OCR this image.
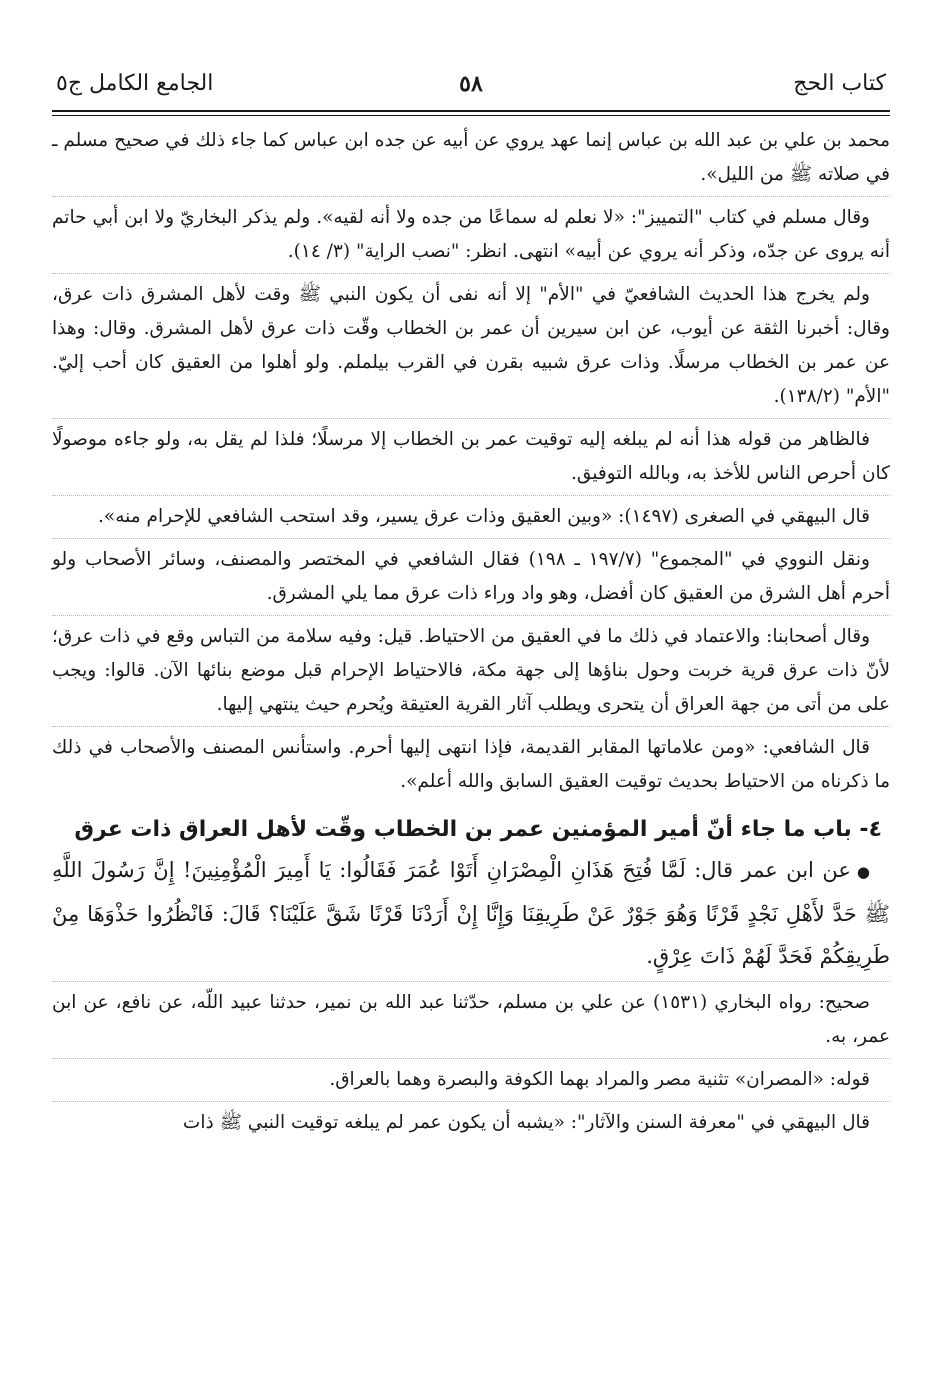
كتاب الحج
٥٨
الجامع الكامل ج٥

محمد بن علي بن عبد الله بن عباس إنما عهد يروي عن أبيه عن جده ابن عباس كما جاء ذلك في صحيح مسلم ـ في صلاته ﷺ من الليل».

وقال مسلم في كتاب "التمييز": «لا نعلم له سماعًا من جده ولا أنه لقيه». ولم يذكر البخاريّ ولا ابن أبي حاتم أنه يروى عن جدّه، وذكر أنه يروي عن أبيه» انتهى. انظر: "نصب الراية" (٣/ ١٤).

ولم يخرج هذا الحديث الشافعيّ في "الأم" إلا أنه نفى أن يكون النبي ﷺ وقت لأهل المشرق ذات عرق، وقال: أخبرنا الثقة عن أيوب، عن ابن سيرين أن عمر بن الخطاب وقّت ذات عرق لأهل المشرق. وقال: وهذا عن عمر بن الخطاب مرسلًا. وذات عرق شبيه بقرن في القرب بيلملم. ولو أهلوا من العقيق كان أحب إليّ. "الأم" (١٣٨/٢).

فالظاهر من قوله هذا أنه لم يبلغه إليه توقيت عمر بن الخطاب إلا مرسلًا؛ فلذا لم يقل به، ولو جاءه موصولًا كان أحرص الناس للأخذ به، وبالله التوفيق.

قال البيهقي في الصغرى (١٤٩٧): «وبين العقيق وذات عرق يسير، وقد استحب الشافعي للإحرام منه».

ونقل النووي في "المجموع" (١٩٧/٧ ـ ١٩٨) فقال الشافعي في المختصر والمصنف، وسائر الأصحاب ولو أحرم أهل الشرق من العقيق كان أفضل، وهو واد وراء ذات عرق مما يلي المشرق.

وقال أصحابنا: والاعتماد في ذلك ما في العقيق من الاحتياط. قيل: وفيه سلامة من التباس وقع في ذات عرق؛ لأنّ ذات عرق قرية خربت وحول بناؤها إلى جهة مكة، فالاحتياط الإحرام قبل موضع بنائها الآن. قالوا: ويجب على من أتى من جهة العراق أن يتحرى ويطلب آثار القرية العتيقة ويُحرم حيث ينتهي إليها.

قال الشافعي: «ومن علاماتها المقابر القديمة، فإذا انتهى إليها أحرم. واستأنس المصنف والأصحاب في ذلك ما ذكرناه من الاحتياط بحديث توقيت العقيق السابق والله أعلم».

٤- باب ما جاء أنّ أمير المؤمنين عمر بن الخطاب وقّت لأهل العراق ذات عرق

●عن ابن عمر قال: لَمَّا فُتِحَ هَذَانِ الْمِصْرَانِ أَتَوْا عُمَرَ فَقَالُوا: يَا أَمِيرَ الْمُؤْمِنِينَ! إِنَّ رَسُولَ اللَّهِ ﷺ حَدَّ لأَهْلِ نَجْدٍ قَرْنًا وَهُوَ جَوْرٌ عَنْ طَرِيقِنَا وَإِنَّا إِنْ أَرَدْنَا قَرْنًا شَقَّ عَلَيْنَا؟ قَالَ: فَانْظُرُوا حَذْوَهَا مِنْ طَرِيقِكُمْ فَحَدَّ لَهُمْ ذَاتَ عِرْقٍ.

صحيح: رواه البخاري (١٥٣١) عن علي بن مسلم، حدّثنا عبد الله بن نمير، حدثنا عبيد اللّه، عن نافع، عن ابن عمر، به.

قوله: «المصران» تثنية مصر والمراد بهما الكوفة والبصرة وهما بالعراق.

قال البيهقي في "معرفة السنن والآثار": «يشبه أن يكون عمر لم يبلغه توقيت النبي ﷺ ذات
